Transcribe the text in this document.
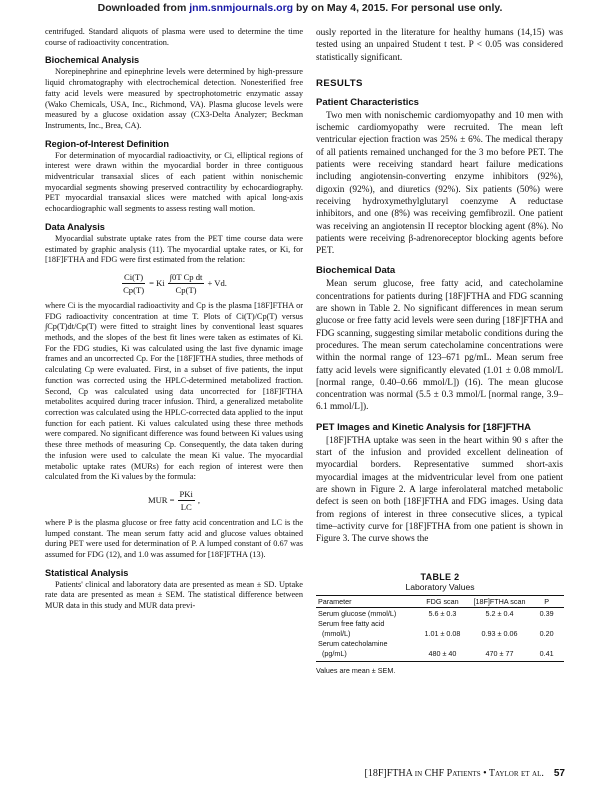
Downloaded from jnm.snmjournals.org by on May 4, 2015. For personal use only.

centrifuged. Standard aliquots of plasma were used to determine the time course of radioactivity concentration.

Biochemical Analysis

Norepinephrine and epinephrine levels were determined by high-pressure liquid chromatography with electrochemical detection. Nonesterified free fatty acid levels were measured by spectrophotometric enzymatic assay (Wako Chemicals, USA, Inc., Richmond, VA). Plasma glucose levels were measured by a glucose oxidation assay (CX3-Delta Analyzer; Beckman Instruments, Inc., Brea, CA).

Region-of-Interest Definition

For determination of myocardial radioactivity, or Ci, elliptical regions of interest were drawn within the myocardial border in three contiguous midventricular transaxial slices of each patient within nonischemic myocardial segments showing preserved contractility by echocardiography. PET myocardial transaxial slices were matched with apical long-axis echocardiographic wall segments to assess resting wall motion.

Data Analysis

Myocardial substrate uptake rates from the PET time course data were estimated by graphic analysis (11). The myocardial uptake rates, or Ki, for [18F]FTHA and FDG were first estimated from the relation:

$\frac{Ci(T)}{Cp(T)} = Ki \frac{\text{∫0T Cp dt}}{Cp(T)} + Vd$.

where Ci is the myocardial radioactivity and Cp is the plasma [18F]FTHA or FDG radioactivity concentration at time T. Plots of Ci(T)/Cp(T) versus ∫Cp(T)dt/Cp(T) were fitted to straight lines by conventional least squares methods, and the slopes of the best fit lines were taken as estimates of Ki. For the FDG studies, Ki was calculated using the last five dynamic image frames and an uncorrected Cp. For the [18F]FTHA studies, three methods of calculating Cp were evaluated. First, in a subset of five patients, the input function was corrected using the HPLC-determined metabolized fraction. Second, Cp was calculated using data uncorrected for [18F]FTHA metabolites acquired during tracer infusion. Third, a generalized metabolite correction was calculated using the HPLC-corrected data applied to the input function for each patient. Ki values calculated using these three methods were compared. No significant difference was found between Ki values using these three methods of measuring Cp. Consequently, the data taken during the infusion were used to calculate the mean Ki value. The myocardial metabolic uptake rates (MURs) for each region of interest were then calculated from the Ki values by the formula:

MUR = $\frac{\text{PKi}}{LC}$ ,

where P is the plasma glucose or free fatty acid concentration and LC is the lumped constant. The mean serum fatty acid and glucose values obtained during PET were used for determination of P. A lumped constant of 0.67 was assumed for FDG (12), and 1.0 was assumed for [18F]FTHA (13).

Statistical Analysis

Patients' clinical and laboratory data are presented as mean ± SD. Uptake rate data are presented as mean ± SEM. The statistical difference between MUR data in this study and MUR data previ-

ously reported in the literature for healthy humans (14,15) was tested using an unpaired Student t test. P < 0.05 was considered statistically significant.

RESULTS
Patient Characteristics

Two men with nonischemic cardiomyopathy and 10 men with ischemic cardiomyopathy were recruited. The mean left ventricular ejection fraction was 25% ± 6%. The medical therapy of all patients remained unchanged for the 3 mo before PET. The patients were receiving standard heart failure medications including angiotensin-converting enzyme inhibitors (92%), digoxin (92%), and diuretics (92%). Six patients (50%) were receiving hydroxymethylglutaryl coenzyme A reductase inhibitors, and one (8%) was receiving gemfibrozil. One patient was receiving an angiotensin II receptor blocking agent (8%). No patients were receiving β-adrenoreceptor blocking agents before PET.

Biochemical Data

Mean serum glucose, free fatty acid, and catecholamine concentrations for patients during [18F]FTHA and FDG scanning are shown in Table 2. No significant differences in mean serum glucose or free fatty acid levels were seen during [18F]FTHA and FDG scanning, suggesting similar metabolic conditions during the procedures. The mean serum catecholamine concentrations were within the normal range of 123–671 pg/mL. Mean serum free fatty acid levels were significantly elevated (1.01 ± 0.08 mmol/L [normal range, 0.40–0.66 mmol/L]) (16). The mean glucose concentration was normal (5.5 ± 0.3 mmol/L [normal range, 3.9–6.1 mmol/L]).

PET Images and Kinetic Analysis for [18F]FTHA

[18F]FTHA uptake was seen in the heart within 90 s after the start of the infusion and provided excellent delineation of myocardial borders. Representative summed short-axis myocardial images at the midventricular level from one patient are shown in Figure 2. A large inferolateral matched metabolic defect is seen on both [18F]FTHA and FDG images. Using data from regions of interest in three consecutive slices, a typical time–activity curve for [18F]FTHA from one patient is shown in Figure 3. The curve shows the

TABLE 2
Laboratory Values
Parameter	FDG scan	[18F]FTHA scan	P
Serum glucose (mmol/L)	5.6 ± 0.3	5.2 ± 0.4	0.39
Serum free fatty acid			
(mmol/L)	1.01 ± 0.08	0.93 ± 0.06	0.20
Serum catecholamine			
(pg/mL)	480 ± 40	470 ± 77	0.41
Values are mean ± SEM.
[18F]FTHA in CHF Patients • Taylor et al. 57
